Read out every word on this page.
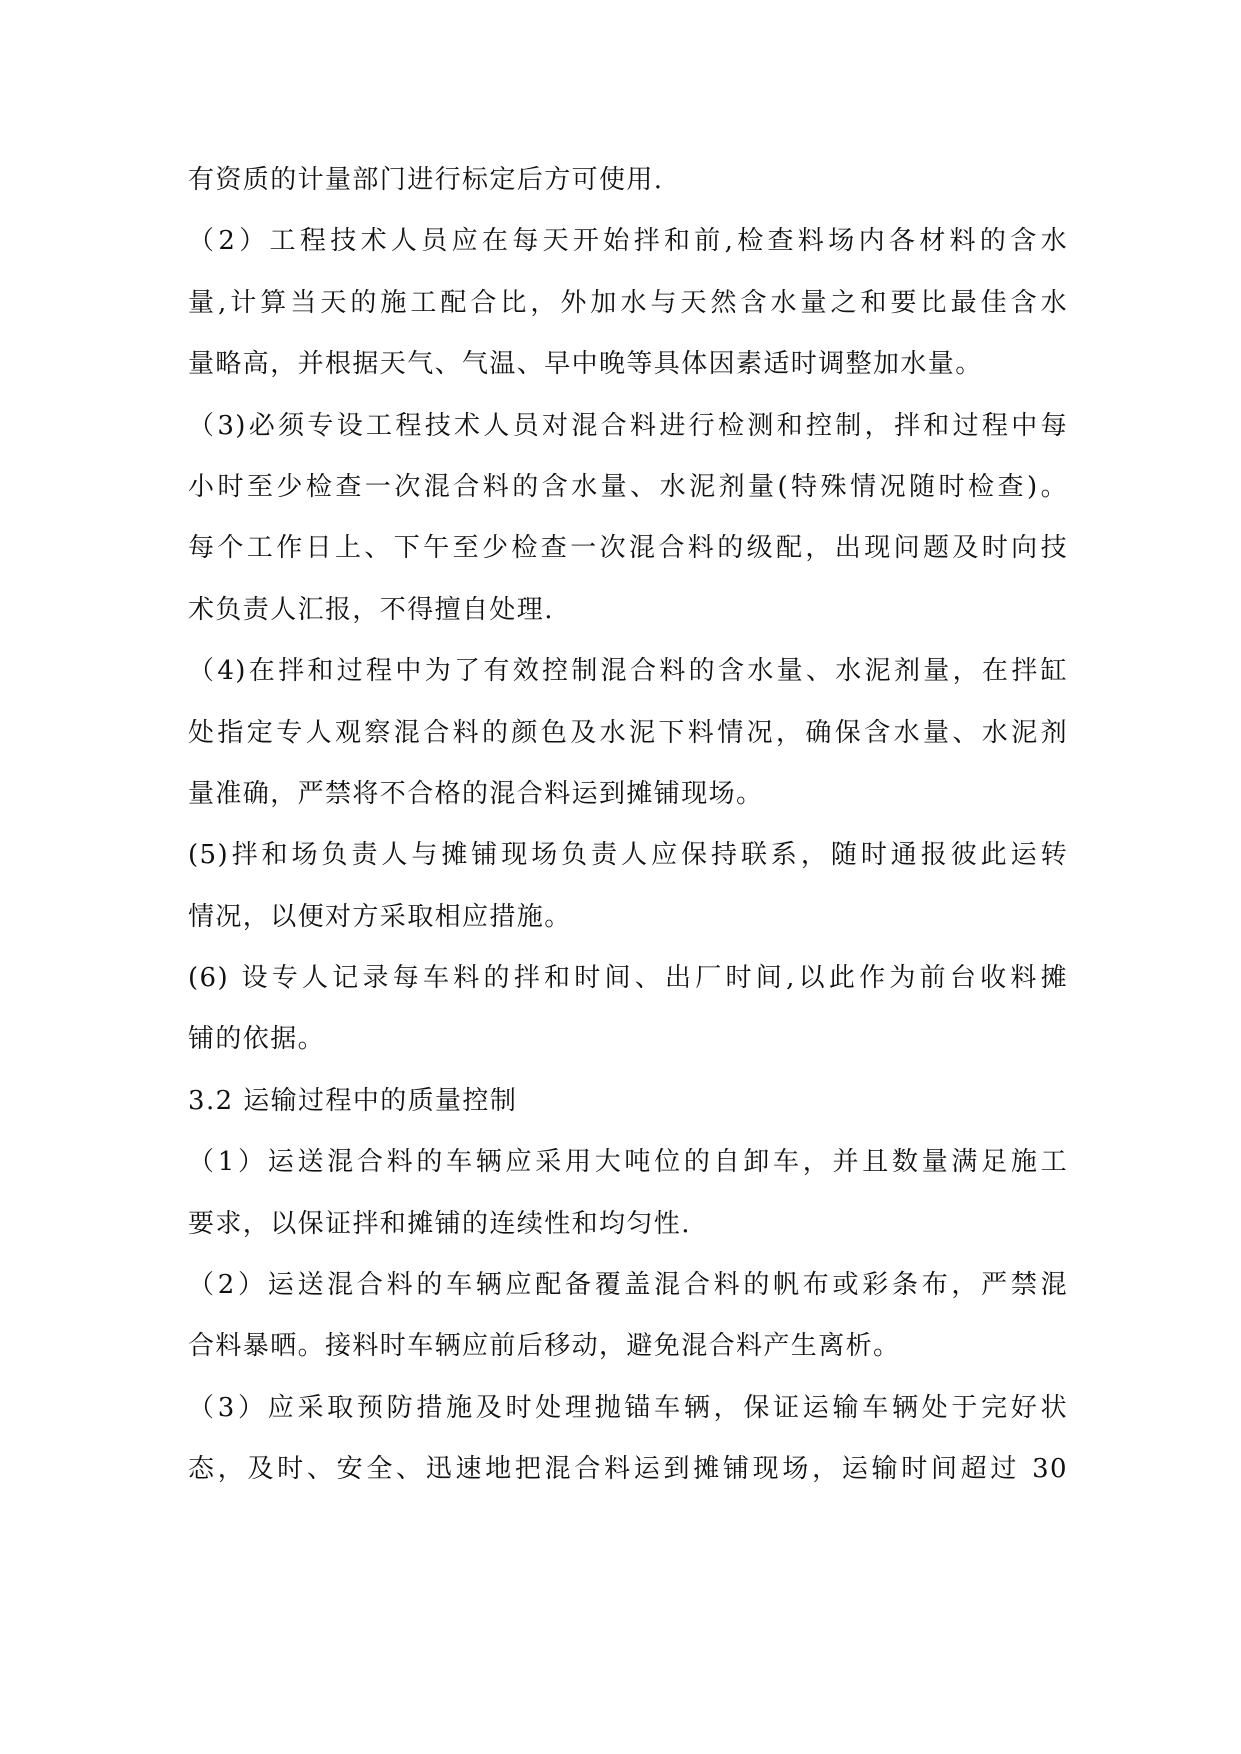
有资质的计量部门进行标定后方可使用.
（2）工程技术人员应在每天开始拌和前,检查料场内各材料的含水
量,计算当天的施工配合比，外加水与天然含水量之和要比最佳含水
量略高，并根据天气、气温、早中晚等具体因素适时调整加水量。
（3)必须专设工程技术人员对混合料进行检测和控制，拌和过程中每
小时至少检查一次混合料的含水量、水泥剂量(特殊情况随时检查)。
每个工作日上、下午至少检查一次混合料的级配，出现问题及时向技
术负责人汇报，不得擅自处理.
（4)在拌和过程中为了有效控制混合料的含水量、水泥剂量，在拌缸
处指定专人观察混合料的颜色及水泥下料情况，确保含水量、水泥剂
量准确，严禁将不合格的混合料运到摊铺现场。
(5)拌和场负责人与摊铺现场负责人应保持联系，随时通报彼此运转
情况，以便对方采取相应措施。
(6) 设专人记录每车料的拌和时间、出厂时间,以此作为前台收料摊
铺的依据。
3.2 运输过程中的质量控制
（1）运送混合料的车辆应采用大吨位的自卸车，并且数量满足施工
要求，以保证拌和摊铺的连续性和均匀性.
（2）运送混合料的车辆应配备覆盖混合料的帆布或彩条布，严禁混
合料暴晒。接料时车辆应前后移动，避免混合料产生离析。
（3）应采取预防措施及时处理抛锚车辆，保证运输车辆处于完好状
态，及时、安全、迅速地把混合料运到摊铺现场，运输时间超过 30
